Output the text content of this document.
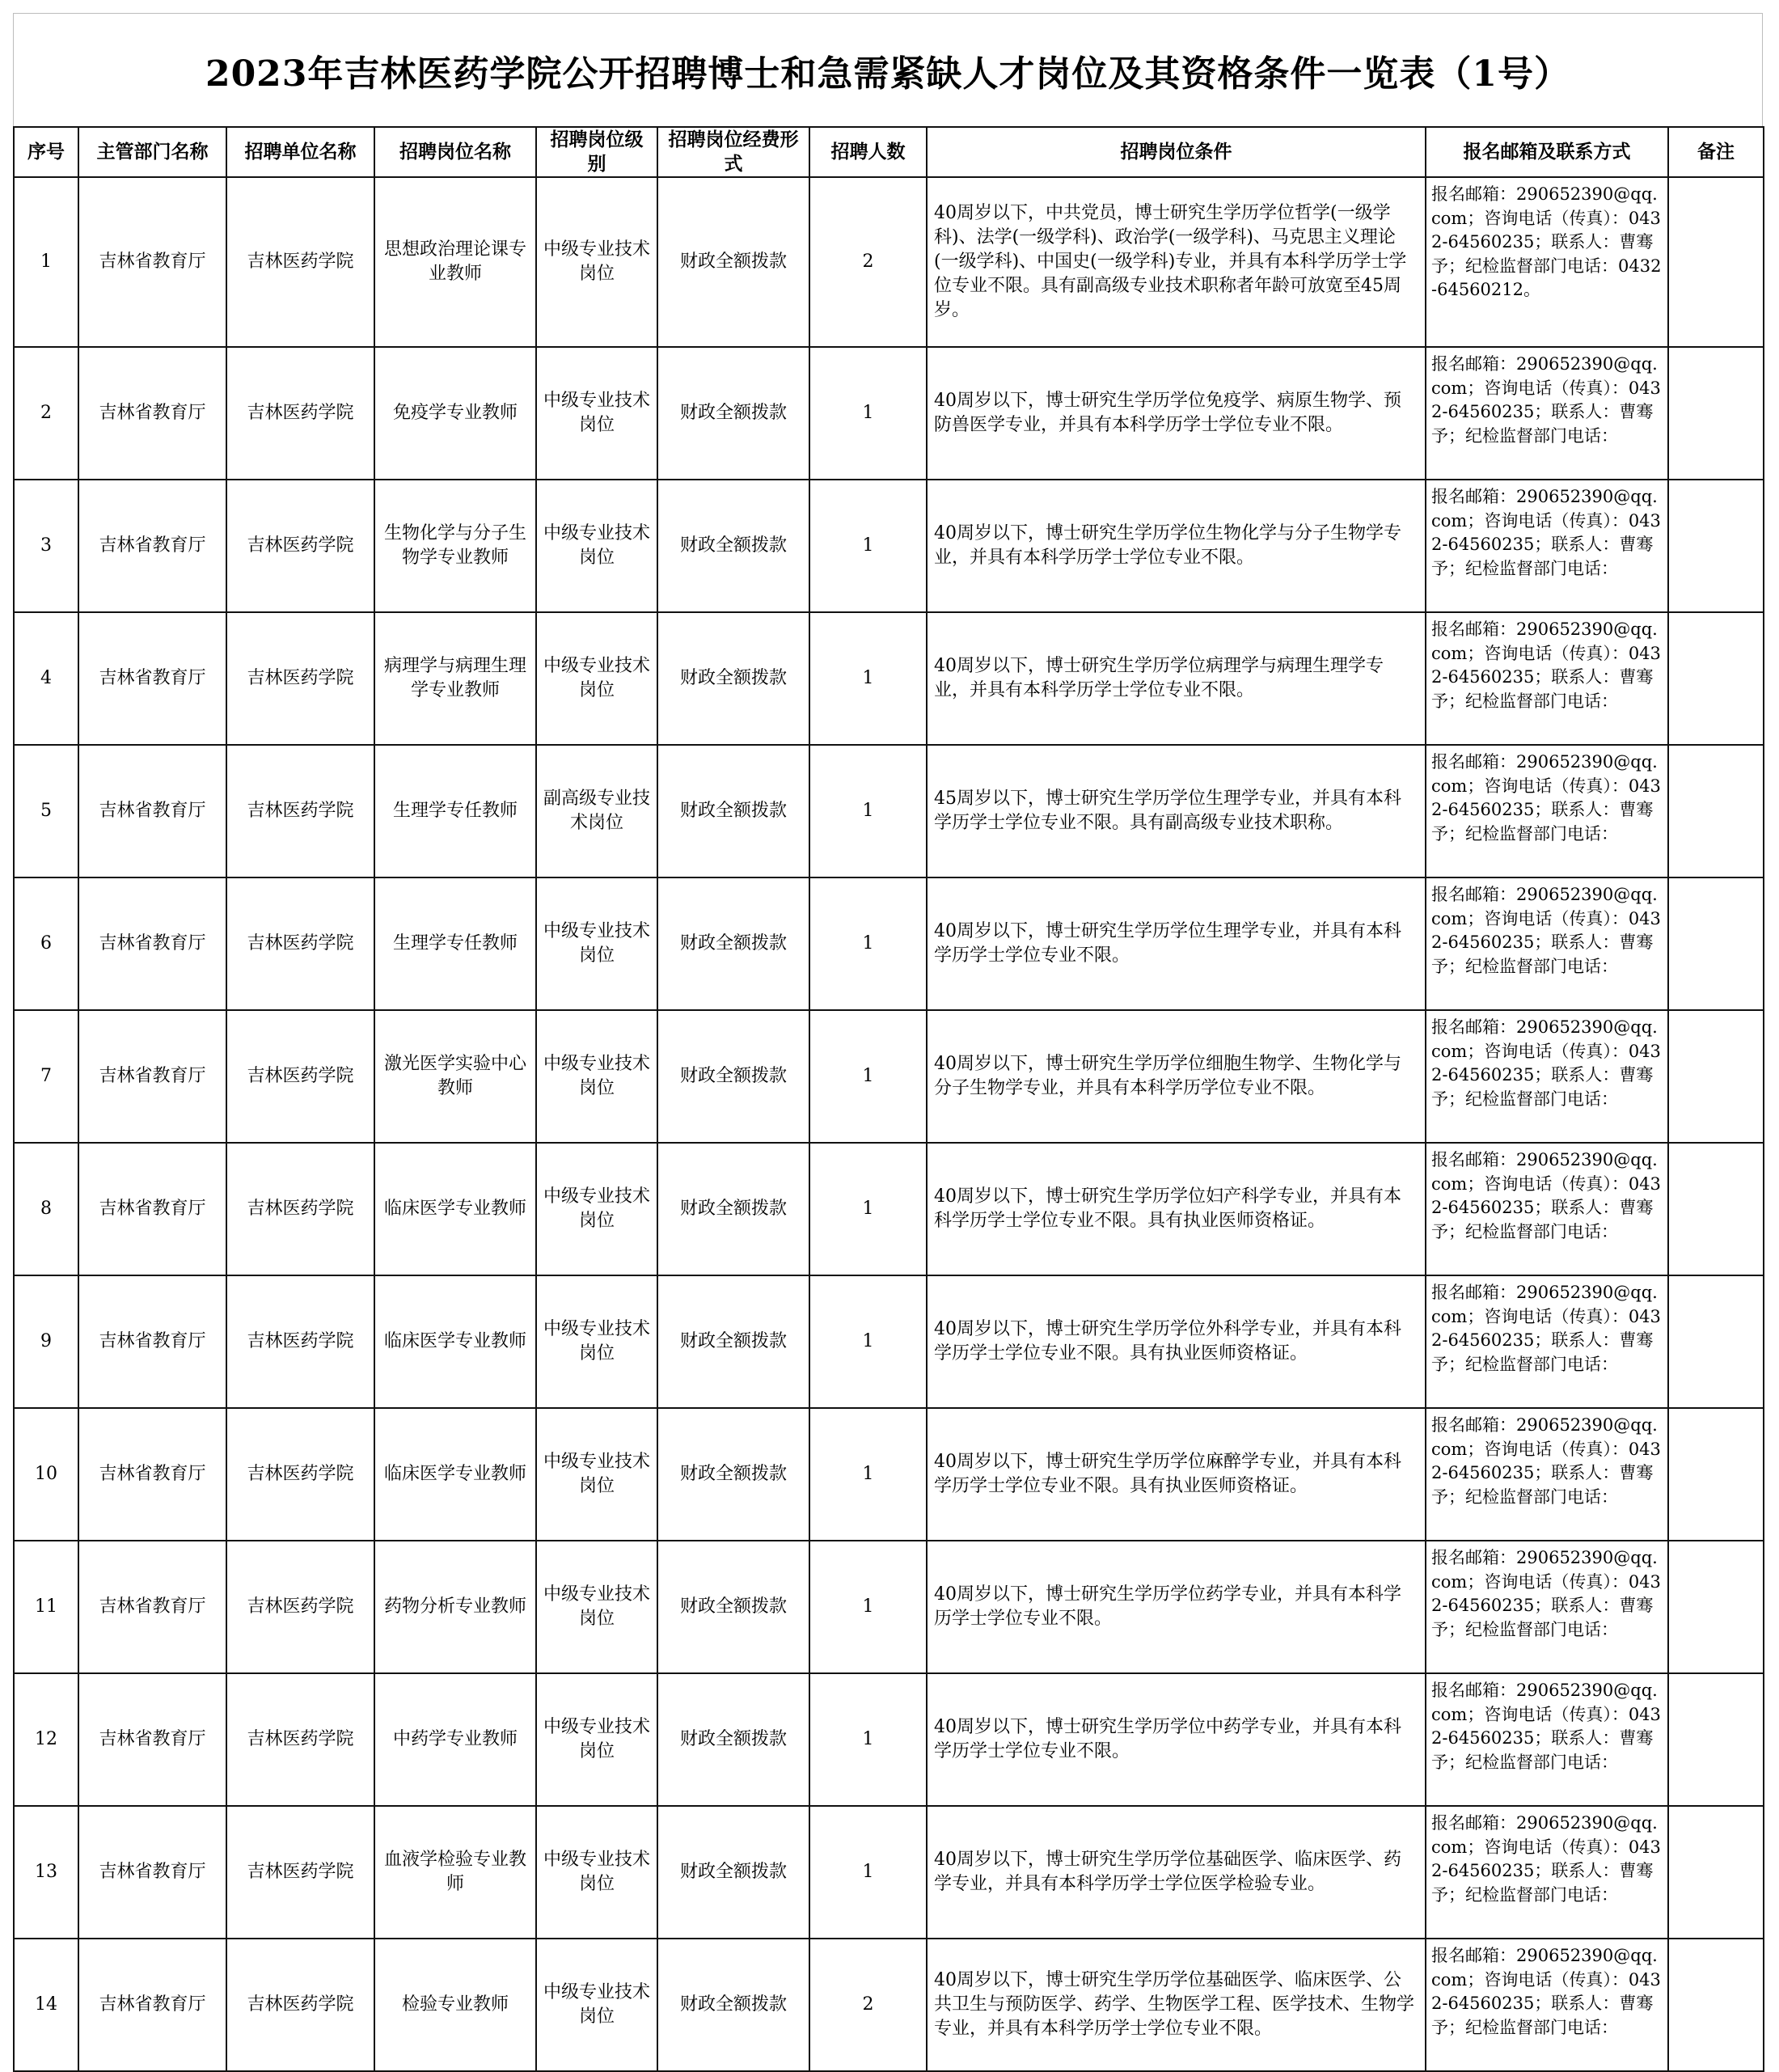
2023年吉林医药学院公开招聘博士和急需紧缺人才岗位及其资格条件一览表（1号）
序号	主管部门名称	招聘单位名称	招聘岗位名称	招聘岗位级别	招聘岗位经费形式	招聘人数	招聘岗位条件	报名邮箱及联系方式	备注
1	吉林省教育厅	吉林医药学院	思想政治理论课专业教师	中级专业技术岗位	财政全额拨款	2	40周岁以下，中共党员，博士研究生学历学位哲学(一级学科)、法学(一级学科)、政治学(一级学科)、马克思主义理论(一级学科)、中国史(一级学科)专业，并具有本科学历学士学位专业不限。具有副高级专业技术职称者年龄可放宽至45周岁。	报名邮箱：290652390@qq.com；咨询电话（传真）：0432-64560235；联系人：曹骞予；纪检监督部门电话：0432-64560212。	
2	吉林省教育厅	吉林医药学院	免疫学专业教师	中级专业技术岗位	财政全额拨款	1	40周岁以下，博士研究生学历学位免疫学、病原生物学、预防兽医学专业，并具有本科学历学士学位专业不限。	报名邮箱：290652390@qq.com；咨询电话（传真）：0432-64560235；联系人：曹骞予；纪检监督部门电话：	
3	吉林省教育厅	吉林医药学院	生物化学与分子生物学专业教师	中级专业技术岗位	财政全额拨款	1	40周岁以下，博士研究生学历学位生物化学与分子生物学专业，并具有本科学历学士学位专业不限。	报名邮箱：290652390@qq.com；咨询电话（传真）：0432-64560235；联系人：曹骞予；纪检监督部门电话：	
4	吉林省教育厅	吉林医药学院	病理学与病理生理学专业教师	中级专业技术岗位	财政全额拨款	1	40周岁以下，博士研究生学历学位病理学与病理生理学专业，并具有本科学历学士学位专业不限。	报名邮箱：290652390@qq.com；咨询电话（传真）：0432-64560235；联系人：曹骞予；纪检监督部门电话：	
5	吉林省教育厅	吉林医药学院	生理学专任教师	副高级专业技术岗位	财政全额拨款	1	45周岁以下，博士研究生学历学位生理学专业，并具有本科学历学士学位专业不限。具有副高级专业技术职称。	报名邮箱：290652390@qq.com；咨询电话（传真）：0432-64560235；联系人：曹骞予；纪检监督部门电话：	
6	吉林省教育厅	吉林医药学院	生理学专任教师	中级专业技术岗位	财政全额拨款	1	40周岁以下，博士研究生学历学位生理学专业，并具有本科学历学士学位专业不限。	报名邮箱：290652390@qq.com；咨询电话（传真）：0432-64560235；联系人：曹骞予；纪检监督部门电话：	
7	吉林省教育厅	吉林医药学院	激光医学实验中心教师	中级专业技术岗位	财政全额拨款	1	40周岁以下，博士研究生学历学位细胞生物学、生物化学与分子生物学专业，并具有本科学历学位专业不限。	报名邮箱：290652390@qq.com；咨询电话（传真）：0432-64560235；联系人：曹骞予；纪检监督部门电话：	
8	吉林省教育厅	吉林医药学院	临床医学专业教师	中级专业技术岗位	财政全额拨款	1	40周岁以下，博士研究生学历学位妇产科学专业，并具有本科学历学士学位专业不限。具有执业医师资格证。	报名邮箱：290652390@qq.com；咨询电话（传真）：0432-64560235；联系人：曹骞予；纪检监督部门电话：	
9	吉林省教育厅	吉林医药学院	临床医学专业教师	中级专业技术岗位	财政全额拨款	1	40周岁以下，博士研究生学历学位外科学专业，并具有本科学历学士学位专业不限。具有执业医师资格证。	报名邮箱：290652390@qq.com；咨询电话（传真）：0432-64560235；联系人：曹骞予；纪检监督部门电话：	
10	吉林省教育厅	吉林医药学院	临床医学专业教师	中级专业技术岗位	财政全额拨款	1	40周岁以下，博士研究生学历学位麻醉学专业，并具有本科学历学士学位专业不限。具有执业医师资格证。	报名邮箱：290652390@qq.com；咨询电话（传真）：0432-64560235；联系人：曹骞予；纪检监督部门电话：	
11	吉林省教育厅	吉林医药学院	药物分析专业教师	中级专业技术岗位	财政全额拨款	1	40周岁以下，博士研究生学历学位药学专业，并具有本科学历学士学位专业不限。	报名邮箱：290652390@qq.com；咨询电话（传真）：0432-64560235；联系人：曹骞予；纪检监督部门电话：	
12	吉林省教育厅	吉林医药学院	中药学专业教师	中级专业技术岗位	财政全额拨款	1	40周岁以下，博士研究生学历学位中药学专业，并具有本科学历学士学位专业不限。	报名邮箱：290652390@qq.com；咨询电话（传真）：0432-64560235；联系人：曹骞予；纪检监督部门电话：	
13	吉林省教育厅	吉林医药学院	血液学检验专业教师	中级专业技术岗位	财政全额拨款	1	40周岁以下，博士研究生学历学位基础医学、临床医学、药学专业，并具有本科学历学士学位医学检验专业。	报名邮箱：290652390@qq.com；咨询电话（传真）：0432-64560235；联系人：曹骞予；纪检监督部门电话：	
14	吉林省教育厅	吉林医药学院	检验专业教师	中级专业技术岗位	财政全额拨款	2	40周岁以下，博士研究生学历学位基础医学、临床医学、公共卫生与预防医学、药学、生物医学工程、医学技术、生物学专业，并具有本科学历学士学位专业不限。	报名邮箱：290652390@qq.com；咨询电话（传真）：0432-64560235；联系人：曹骞予；纪检监督部门电话：	
